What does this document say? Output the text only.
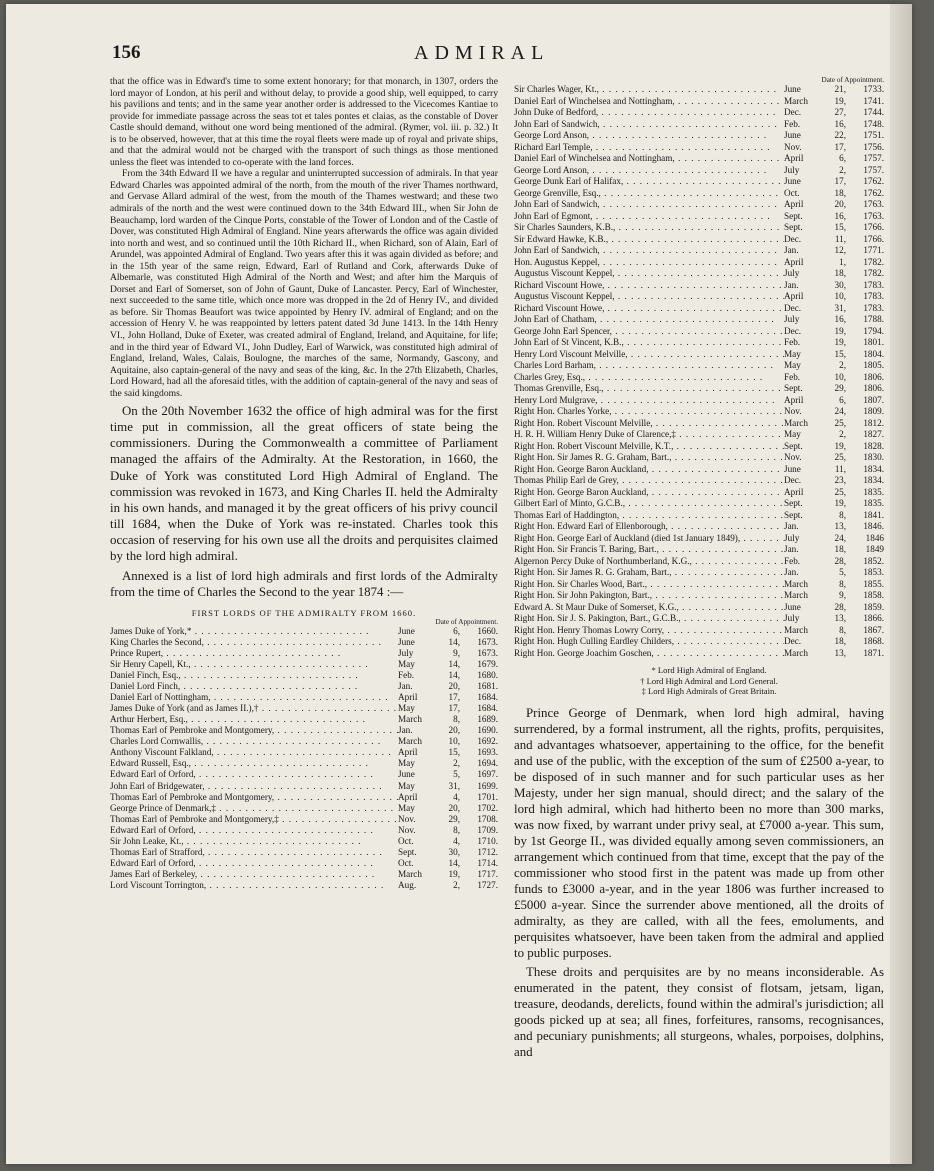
156	ADMIRAL

that the office was in Edward's time to some extent honorary; for that monarch, in 1307, orders the lord mayor of London, at his peril and without delay, to provide a good ship, well equipped, to carry his pavilions and tents; and in the same year another order is addressed to the Vicecomes Kantiae to provide for immediate passage across the seas tot et tales pontes et claias, as the constable of Dover Castle should demand, without one word being mentioned of the admiral. (Rymer, vol. iii. p. 32.) It is to be observed, however, that at this time the royal fleets were made up of royal and private ships, and that the admiral would not be charged with the transport of such things as those mentioned unless the fleet was intended to co-operate with the land forces.

From the 34th Edward II we have a regular and uninterrupted succession of admirals. In that year Edward Charles was appointed admiral of the north, from the mouth of the river Thames northward, and Gervase Allard admiral of the west, from the mouth of the Thames westward; and these two admirals of the north and the west were continued down to the 34th Edward III., when Sir John de Beauchamp, lord warden of the Cinque Ports, constable of the Tower of London and of the Castle of Dover, was constituted High Admiral of England. Nine years afterwards the office was again divided into north and west, and so continued until the 10th Richard II., when Richard, son of Alain, Earl of Arundel, was appointed Admiral of England. Two years after this it was again divided as before; and in the 15th year of the same reign, Edward, Earl of Rutland and Cork, afterwards Duke of Albemarle, was constituted High Admiral of the North and West; and after him the Marquis of Dorset and Earl of Somerset, son of John of Gaunt, Duke of Lancaster. Percy, Earl of Winchester, next succeeded to the same title, which once more was dropped in the 2d of Henry IV., and divided as before. Sir Thomas Beaufort was twice appointed by Henry IV. admiral of England; and on the accession of Henry V. he was reappointed by letters patent dated 3d June 1413. In the 14th Henry VI., John Holland, Duke of Exeter, was created admiral of England, Ireland, and Aquitaine, for life; and in the third year of Edward VI., John Dudley, Earl of Warwick, was constituted high admiral of England, Ireland, Wales, Calais, Boulogne, the marches of the same, Normandy, Gascony, and Aquitaine, also captain-general of the navy and seas of the king, &c. In the 27th Elizabeth, Charles, Lord Howard, had all the aforesaid titles, with the addition of captain-general of the navy and seas of the said kingdoms.

On the 20th November 1632 the office of high admiral was for the first time put in commission, all the great officers of state being the commissioners. During the Commonwealth a committee of Parliament managed the affairs of the Admiralty. At the Restoration, in 1660, the Duke of York was constituted Lord High Admiral of England. The commission was revoked in 1673, and King Charles II. held the Admiralty in his own hands, and managed it by the great officers of his privy council till 1684, when the Duke of York was re-instated. Charles took this occasion of reserving for his own use all the droits and perquisites claimed by the lord high admiral.

Annexed is a list of lord high admirals and first lords of the Admiralty from the time of Charles the Second to the year 1874 :—

FIRST LORDS OF THE ADMIRALTY FROM 1660.
Date of Appointment.
James Duke of York,* . .	June	6,	1660.
King Charles the Second, . .	June	14,	1673.
Prince Rupert, . .	July	9,	1673.
Sir Henry Capell, Kt., . .	May	14,	1679.
Daniel Finch, Esq., . .	Feb.	14,	1680.
Daniel Lord Finch, . .	Jan.	20,	1681.
Daniel Earl of Nottingham, . .	April	17,	1684.
James Duke of York (and as James II.),† . .	May	17,	1684.
Arthur Herbert, Esq., . .	March	8,	1689.
Thomas Earl of Pembroke and Montgomery, . .	Jan.	20,	1690.
Charles Lord Cornwallis, . .	March	10,	1692.
Anthony Viscount Falkland, . .	April	15,	1693.
Edward Russell, Esq., . .	May	2,	1694.
Edward Earl of Orford, . .	June	5,	1697.
John Earl of Bridgewater, . .	May	31,	1699.
Thomas Earl of Pembroke and Montgomery, . .	April	4,	1701.
George Prince of Denmark,‡ . .	May	20,	1702.
Thomas Earl of Pembroke and Montgomery,‡ . .	Nov.	29,	1708.
Edward Earl of Orford, . .	Nov.	8,	1709.
Sir John Leake, Kt., . .	Oct.	4,	1710.
Thomas Earl of Strafford, . .	Sept.	30,	1712.
Edward Earl of Orford, . .	Oct.	14,	1714.
James Earl of Berkeley, . .	March	19,	1717.
Lord Viscount Torrington, . .	Aug.	2,	1727.
Date of Appointment.
Sir Charles Wager, Kt., . .	June	21,	1733.
Daniel Earl of Winchelsea and Nottingham, . .	March	19,	1741.
John Duke of Bedford, . .	Dec.	27,	1744.
John Earl of Sandwich, . .	Feb.	16,	1748.
George Lord Anson, . .	June	22,	1751.
Richard Earl Temple, . .	Nov.	17,	1756.
Daniel Earl of Winchelsea and Nottingham, . .	April	6,	1757.
George Lord Anson, . .	July	2,	1757.
George Dunk Earl of Halifax, . .	June	17,	1762.
George Grenville, Esq., . .	Oct.	18,	1762.
John Earl of Sandwich, . .	April	20,	1763.
John Earl of Egmont, . .	Sept.	16,	1763.
Sir Charles Saunders, K.B., . .	Sept.	15,	1766.
Sir Edward Hawke, K.B., . .	Dec.	11,	1766.
John Earl of Sandwich, . .	Jan.	12,	1771.
Hon. Augustus Keppel, . .	April	1,	1782.
Augustus Viscount Keppel, . .	July	18,	1782.
Richard Viscount Howe, . .	Jan.	30,	1783.
Augustus Viscount Keppel, . .	April	10,	1783.
Richard Viscount Howe, . .	Dec.	31,	1783.
John Earl of Chatham, . .	July	16,	1788.
George John Earl Spencer, . .	Dec.	19,	1794.
John Earl of St Vincent, K.B., . .	Feb.	19,	1801.
Henry Lord Viscount Melville, . .	May	15,	1804.
Charles Lord Barham, . .	May	2,	1805.
Charles Grey, Esq., . .	Feb.	10,	1806.
Thomas Grenville, Esq., . .	Sept.	29,	1806.
Henry Lord Mulgrave, . .	April	6,	1807.
Right Hon. Charles Yorke, . .	Nov.	24,	1809.
Right Hon. Robert Viscount Melville, . .	March	25,	1812.
H. R. H. William Henry Duke of Clarence,‡ . .	May	2,	1827.
Right Hon. Robert Viscount Melville, K.T., . .	Sept.	19,	1828.
Right Hon. Sir James R. G. Graham, Bart., . .	Nov.	25,	1830.
Right Hon. George Baron Auckland, . .	June	11,	1834.
Thomas Philip Earl de Grey, . .	Dec.	23,	1834.
Right Hon. George Baron Auckland, . .	April	25,	1835.
Gilbert Earl of Minto, G.C.B., . .	Sept.	19,	1835.
Thomas Earl of Haddington, . .	Sept.	8,	1841.
Right Hon. Edward Earl of Ellenborough, . .	Jan.	13,	1846.
Right Hon. George Earl of Auckland (died 1st January 1849), . .	July	24,	1846
Right Hon. Sir Francis T. Baring, Bart., . .	Jan.	18,	1849
Algernon Percy Duke of Northumberland, K.G., . .	Feb.	28,	1852.
Right Hon. Sir James R. G. Graham, Bart., . .	Jan.	5,	1853.
Right Hon. Sir Charles Wood, Bart., . .	March	8,	1855.
Right Hon. Sir John Pakington, Bart., . .	March	9,	1858.
Edward A. St Maur Duke of Somerset, K.G., . .	June	28,	1859.
Right Hon. Sir J. S. Pakington, Bart., G.C.B., . .	July	13,	1866.
Right Hon. Henry Thomas Lowry Corry, . .	March	8,	1867.
Right Hon. Hugh Culling Eardley Childers, . .	Dec.	18,	1868.
Right Hon. George Joachim Goschen, . .	March	13,	1871.
* Lord High Admiral of England.
† Lord High Admiral and Lord General.
‡ Lord High Admirals of Great Britain.

Prince George of Denmark, when lord high admiral, having surrendered, by a formal instrument, all the rights, profits, perquisites, and advantages whatsoever, appertaining to the office, for the benefit and use of the public, with the exception of the sum of £2500 a-year, to be disposed of in such manner and for such particular uses as her Majesty, under her sign manual, should direct; and the salary of the lord high admiral, which had hitherto been no more than 300 marks, was now fixed, by warrant under privy seal, at £7000 a-year. This sum, by 1st George II., was divided equally among seven commissioners, an arrangement which continued from that time, except that the pay of the commissioner who stood first in the patent was made up from other funds to £3000 a-year, and in the year 1806 was further increased to £5000 a-year. Since the surrender above mentioned, all the droits of admiralty, as they are called, with all the fees, emoluments, and perquisites whatsoever, have been taken from the admiral and applied to public purposes.

These droits and perquisites are by no means inconsiderable. As enumerated in the patent, they consist of flotsam, jetsam, ligan, treasure, deodands, derelicts, found within the admiral's jurisdiction; all goods picked up at sea; all fines, forfeitures, ransoms, recognisances, and pecuniary punishments; all sturgeons, whales, porpoises, dolphins, and
